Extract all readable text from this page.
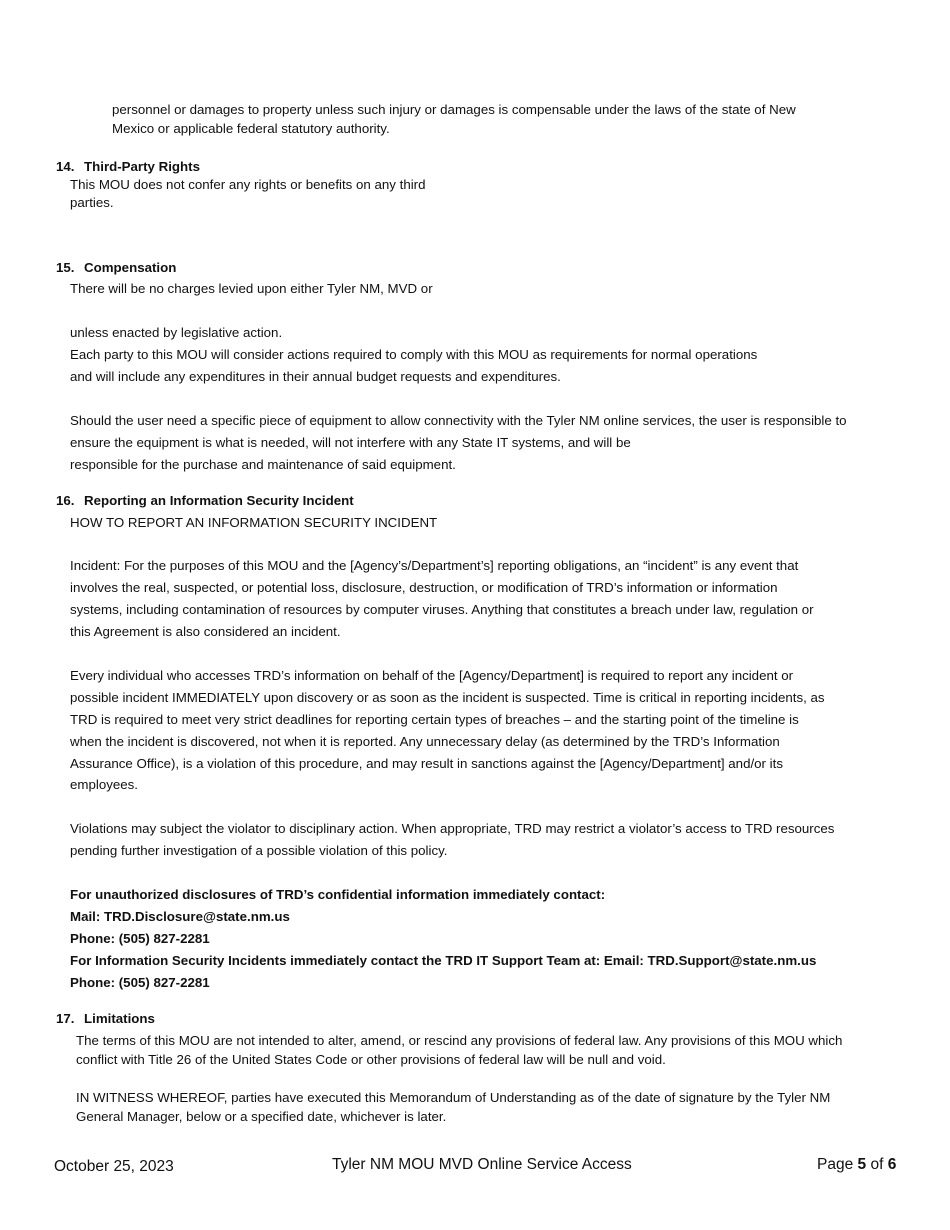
personnel or damages to property unless such injury or damages is compensable under the laws of the state of New
Mexico or applicable federal statutory authority.
14. Third-Party Rights
This MOU does not confer any rights or benefits on any third
parties.
15. Compensation
There will be no charges levied upon either Tyler NM, MVD or
unless enacted by legislative action.
Each party to this MOU will consider actions required to comply with this MOU as requirements for normal operations
and will include any expenditures in their annual budget requests and expenditures.
Should the user need a specific piece of equipment to allow connectivity with the Tyler NM online services, the user is responsible to
ensure the equipment is what is needed, will not interfere with any State IT systems, and will be
responsible for the purchase and maintenance of said equipment.
16. Reporting an Information Security Incident
HOW TO REPORT AN INFORMATION SECURITY INCIDENT
Incident: For the purposes of this MOU and the [Agency’s/Department’s] reporting obligations, an “incident” is any event that
involves the real, suspected, or potential loss, disclosure, destruction, or modification of TRD’s information or information
systems, including contamination of resources by computer viruses. Anything that constitutes a breach under law, regulation or
this Agreement is also considered an incident.
Every individual who accesses TRD’s information on behalf of the [Agency/Department] is required to report any incident or
possible incident IMMEDIATELY upon discovery or as soon as the incident is suspected. Time is critical in reporting incidents, as
TRD is required to meet very strict deadlines for reporting certain types of breaches – and the starting point of the timeline is
when the incident is discovered, not when it is reported. Any unnecessary delay (as determined by the TRD’s Information
Assurance Office), is a violation of this procedure, and may result in sanctions against the [Agency/Department] and/or its
employees.
Violations may subject the violator to disciplinary action. When appropriate, TRD may restrict a violator’s access to TRD resources
pending further investigation of a possible violation of this policy.
For unauthorized disclosures of TRD’s confidential information immediately contact:
Mail: TRD.Disclosure@state.nm.us
Phone: (505) 827-2281
For Information Security Incidents immediately contact the TRD IT Support Team at: Email: TRD.Support@state.nm.us
Phone: (505) 827-2281
17. Limitations
The terms of this MOU are not intended to alter, amend, or rescind any provisions of federal law. Any provisions of this MOU which
conflict with Title 26 of the United States Code or other provisions of federal law will be null and void.
IN WITNESS WHEREOF, parties have executed this Memorandum of Understanding as of the date of signature by the Tyler NM
General Manager, below or a specified date, whichever is later.
October 25, 2023	Tyler NM MOU MVD Online Service Access	Page 5 of 6
